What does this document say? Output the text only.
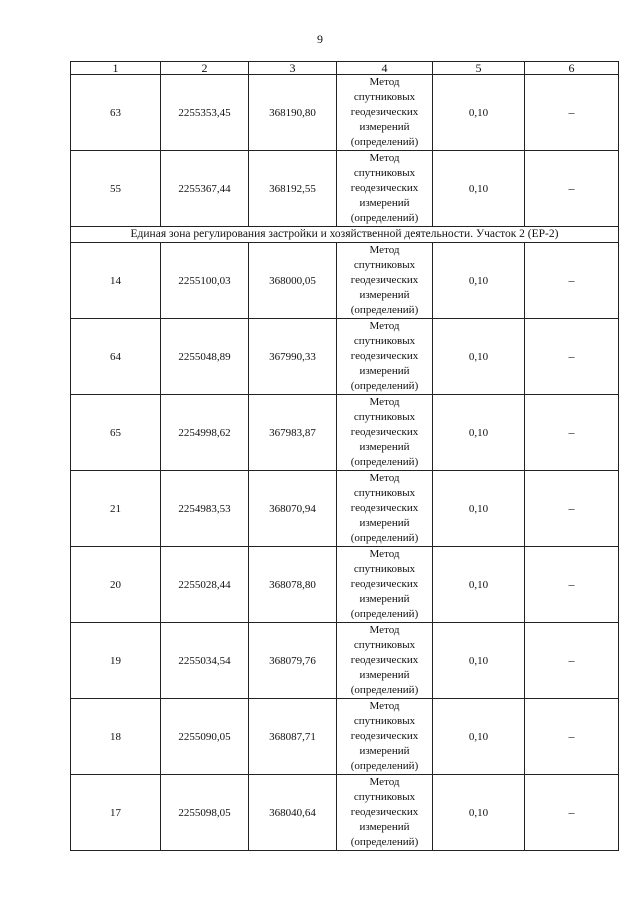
9
1	2	3	4	5	6
63	2255353,45	368190,80	Метод
спутниковых
геодезических
измерений
(определений)	0,10	–
55	2255367,44	368192,55	Метод
спутниковых
геодезических
измерений
(определений)	0,10	–
Единая зона регулирования застройки и хозяйственной деятельности. Участок 2 (ЕР-2)					
14	2255100,03	368000,05	Метод
спутниковых
геодезических
измерений
(определений)	0,10	–
64	2255048,89	367990,33	Метод
спутниковых
геодезических
измерений
(определений)	0,10	–
65	2254998,62	367983,87	Метод
спутниковых
геодезических
измерений
(определений)	0,10	–
21	2254983,53	368070,94	Метод
спутниковых
геодезических
измерений
(определений)	0,10	–
20	2255028,44	368078,80	Метод
спутниковых
геодезических
измерений
(определений)	0,10	–
19	2255034,54	368079,76	Метод
спутниковых
геодезических
измерений
(определений)	0,10	–
18	2255090,05	368087,71	Метод
спутниковых
геодезических
измерений
(определений)	0,10	–
17	2255098,05	368040,64	Метод
спутниковых
геодезических
измерений
(определений)	0,10	–
